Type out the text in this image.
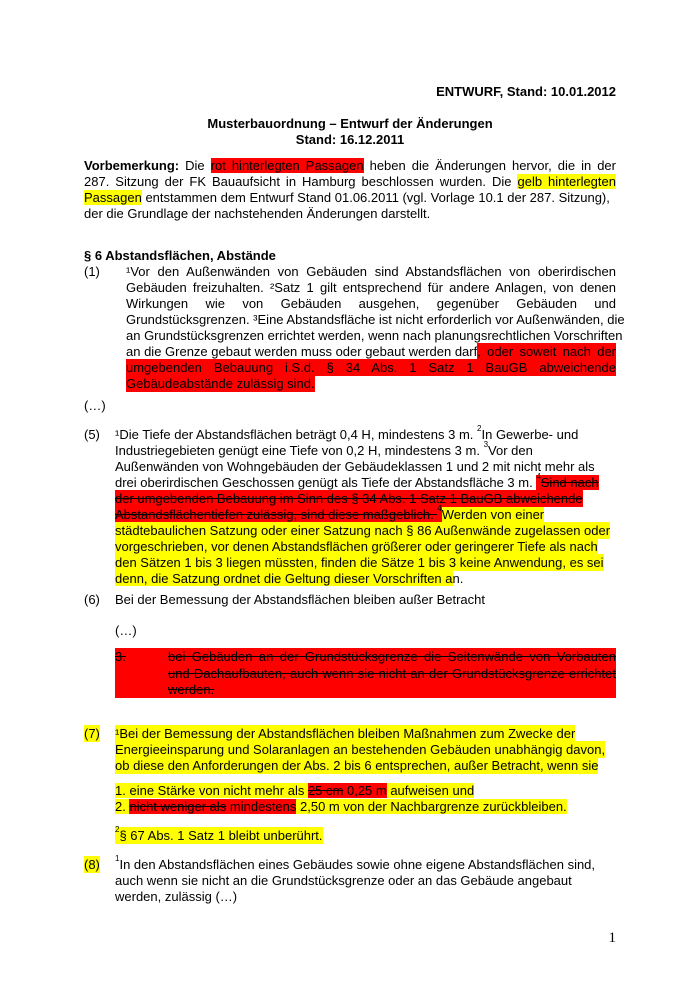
ENTWURF, Stand: 10.01.2012
Musterbauordnung – Entwurf der Änderungen
Stand: 16.12.2011
Vorbemerkung: Die rot hinterlegten Passagen heben die Änderungen hervor, die in der
287. Sitzung der FK Bauaufsicht in Hamburg beschlossen wurden. Die gelb hinterlegten
Passagen entstammen dem Entwurf Stand 01.06.2011 (vgl. Vorlage 10.1 der 287. Sitzung),
der die Grundlage der nachstehenden Änderungen darstellt.
§ 6 Abstandsflächen, Abstände
(1) ¹Vor den Außenwänden von Gebäuden sind Abstandsflächen von oberirdischen
Gebäuden freizuhalten. ²Satz 1 gilt entsprechend für andere Anlagen, von denen
Wirkungen wie von Gebäuden ausgehen, gegenüber Gebäuden und
Grundstücksgrenzen. ³Eine Abstandsfläche ist nicht erforderlich vor Außenwänden, die
an Grundstücksgrenzen errichtet werden, wenn nach planungsrechtlichen Vorschriften
an die Grenze gebaut werden muss oder gebaut werden darf , oder soweit nach der
umgebenden Bebauung i.S.d. § 34 Abs. 1 Satz 1 BauGB abweichende
Gebäudeabstände zulässig sind.
(…)
(5) ¹Die Tiefe der Abstandsflächen beträgt 0,4 H, mindestens 3 m. $^2$In Gewerbe- und
Industriegebieten genügt eine Tiefe von 0,2 H, mindestens 3 m. $^3$Vor den
Außenwänden von Wohngebäuden der Gebäudeklassen 1 und 2 mit nicht mehr als
drei oberirdischen Geschossen genügt als Tiefe der Abstandsfläche 3 m. $^4$Sind nach
der umgebenden Bebauung im Sinn des § 34 Abs. 1 Satz 1 BauGB abweichende
Abstandsflächentiefen zulässig, sind diese maßgeblich. $^4$Werden von einer
städtebaulichen Satzung oder einer Satzung nach § 86 Außenwände zugelassen oder
vorgeschrieben, vor denen Abstandsflächen größerer oder geringerer Tiefe als nach
den Sätzen 1 bis 3 liegen müssten, finden die Sätze 1 bis 3 keine Anwendung, es sei
denn, die Satzung ordnet die Geltung dieser Vorschriften an.
(6) Bei der Bemessung der Abstandsflächen bleiben außer Betracht
(…)
3.	bei Gebäuden an der Grundstücksgrenze die Seitenwände von Vorbauten
und Dachaufbauten, auch wenn sie nicht an der Grundstücksgrenze errichtet
werden.
(7) ¹Bei der Bemessung der Abstandsflächen bleiben Maßnahmen zum Zwecke der
Energieeinsparung und Solaranlagen an bestehenden Gebäuden unabhängig davon,
ob diese den Anforderungen der Abs. 2 bis 6 entsprechen, außer Betracht, wenn sie
1. eine Stärke von nicht mehr als 25 cm 0,25 m aufweisen und
2. nicht weniger als mindestens 2,50 m von der Nachbargrenze zurückbleiben.
$^2$§ 67 Abs. 1 Satz 1 bleibt unberührt.
(8) $^1$In den Abstandsflächen eines Gebäudes sowie ohne eigene Abstandsflächen sind,
auch wenn sie nicht an die Grundstücksgrenze oder an das Gebäude angebaut
werden, zulässig (…)
1
